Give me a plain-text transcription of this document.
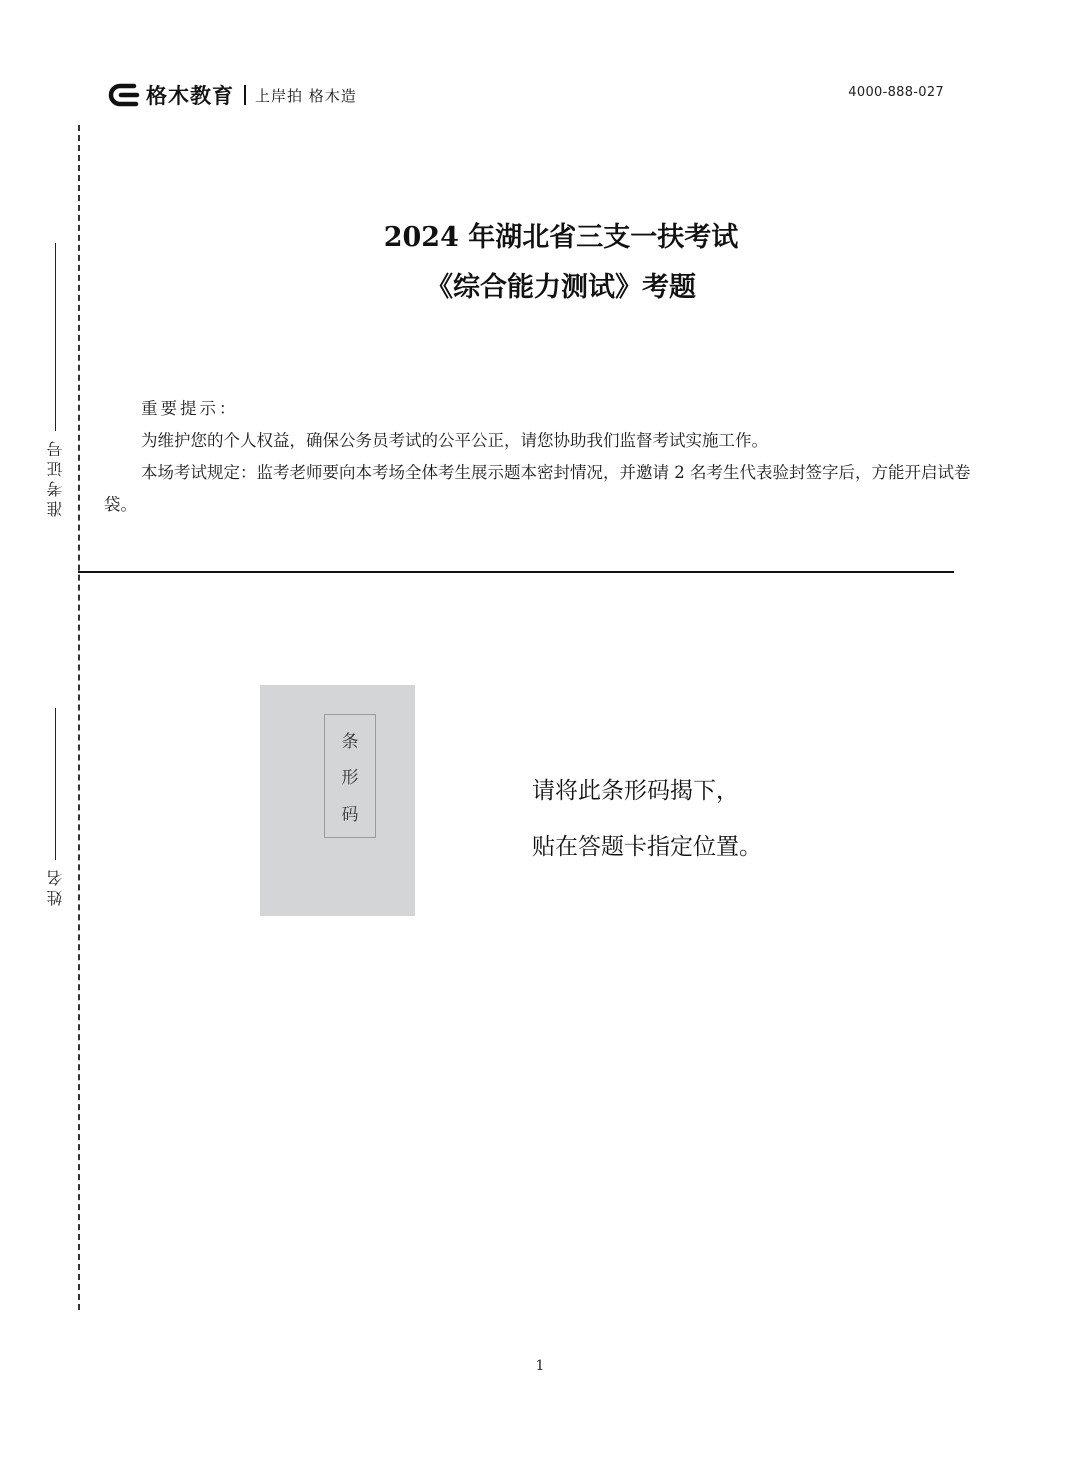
格木教育 上岸拍 格木造	4000-888-027
准考证号
姓名
2024 年湖北省三支一扶考试
《综合能力测试》考题

重要提示：

为维护您的个人权益，确保公务员考试的公平公正，请您协助我们监督考试实施工作。

本场考试规定：监考老师要向本考场全体考生展示题本密封情况，并邀请 2 名考生代表验封签字后，方能开启试卷袋。

条
形
码
请将此条形码揭下，
贴在答题卡指定位置。
1
